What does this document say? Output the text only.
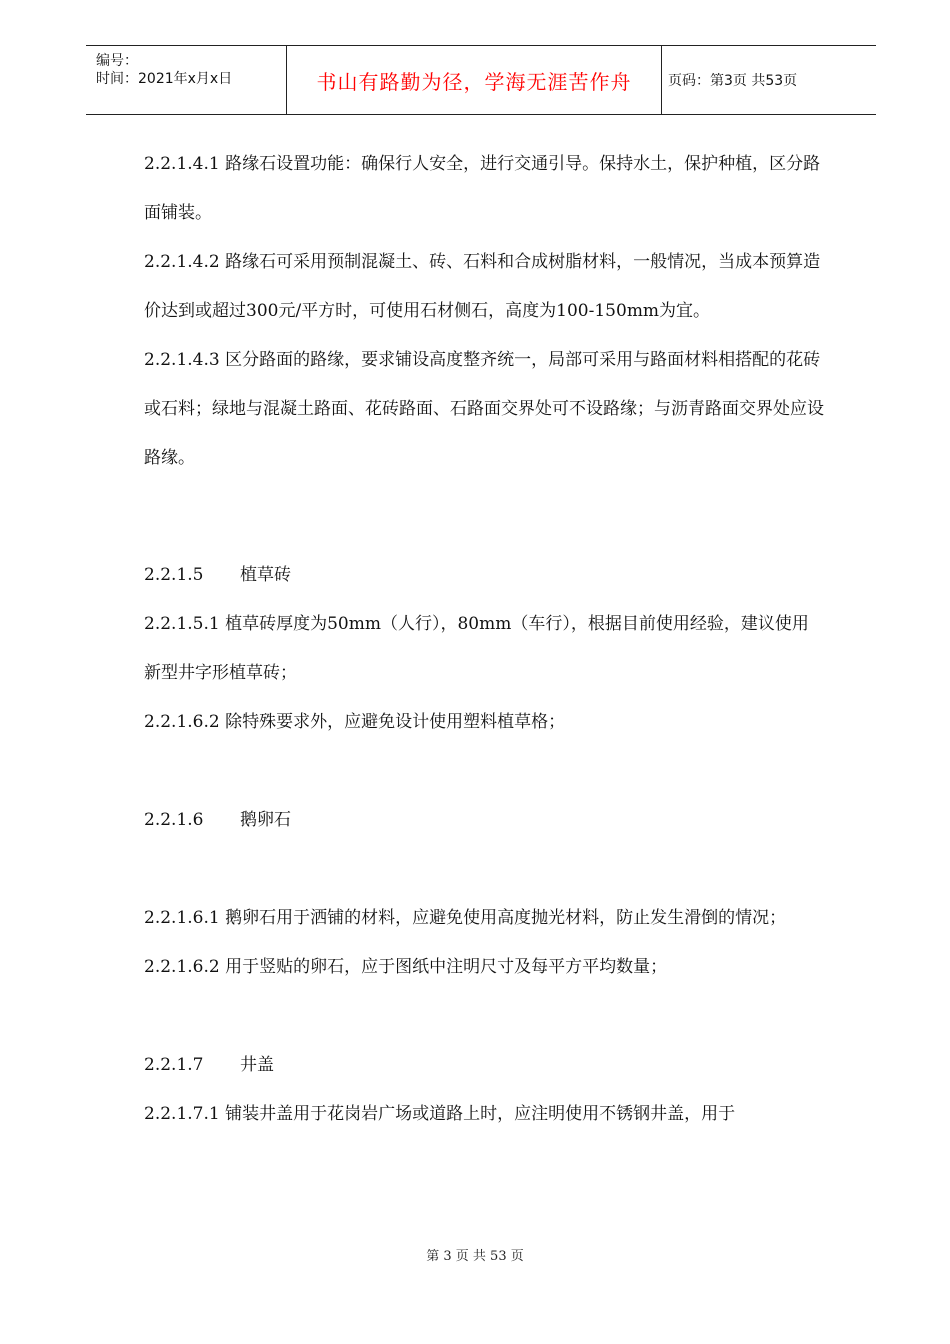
编号：
时间：2021年x月x日	书山有路勤为径，学海无涯苦作舟	页码：第3页 共53页

2.2.1.4.1 路缘石设置功能：确保行人安全，进行交通引导。保持水土，保护种植，区分路面铺装。

2.2.1.4.2 路缘石可采用预制混凝土、砖、石料和合成树脂材料，一般情况，当成本预算造价达到或超过300元/平方时，可使用石材侧石，高度为100-150mm为宜。

2.2.1.4.3 区分路面的路缘，要求铺设高度整齐统一，局部可采用与路面材料相搭配的花砖或石料；绿地与混凝土路面、花砖路面、石路面交界处可不设路缘；与沥青路面交界处应设路缘。

2.2.1.5 植草砖

2.2.1.5.1 植草砖厚度为50mm（人行），80mm（车行），根据目前使用经验，建议使用新型井字形植草砖；

2.2.1.6.2 除特殊要求外，应避免设计使用塑料植草格；

2.2.1.6 鹅卵石

2.2.1.6.1 鹅卵石用于洒铺的材料，应避免使用高度抛光材料，防止发生滑倒的情况；

2.2.1.6.2 用于竖贴的卵石，应于图纸中注明尺寸及每平方平均数量；

2.2.1.7 井盖

2.2.1.7.1 铺装井盖用于花岗岩广场或道路上时，应注明使用不锈钢井盖，用于

第 3 页 共 53 页
